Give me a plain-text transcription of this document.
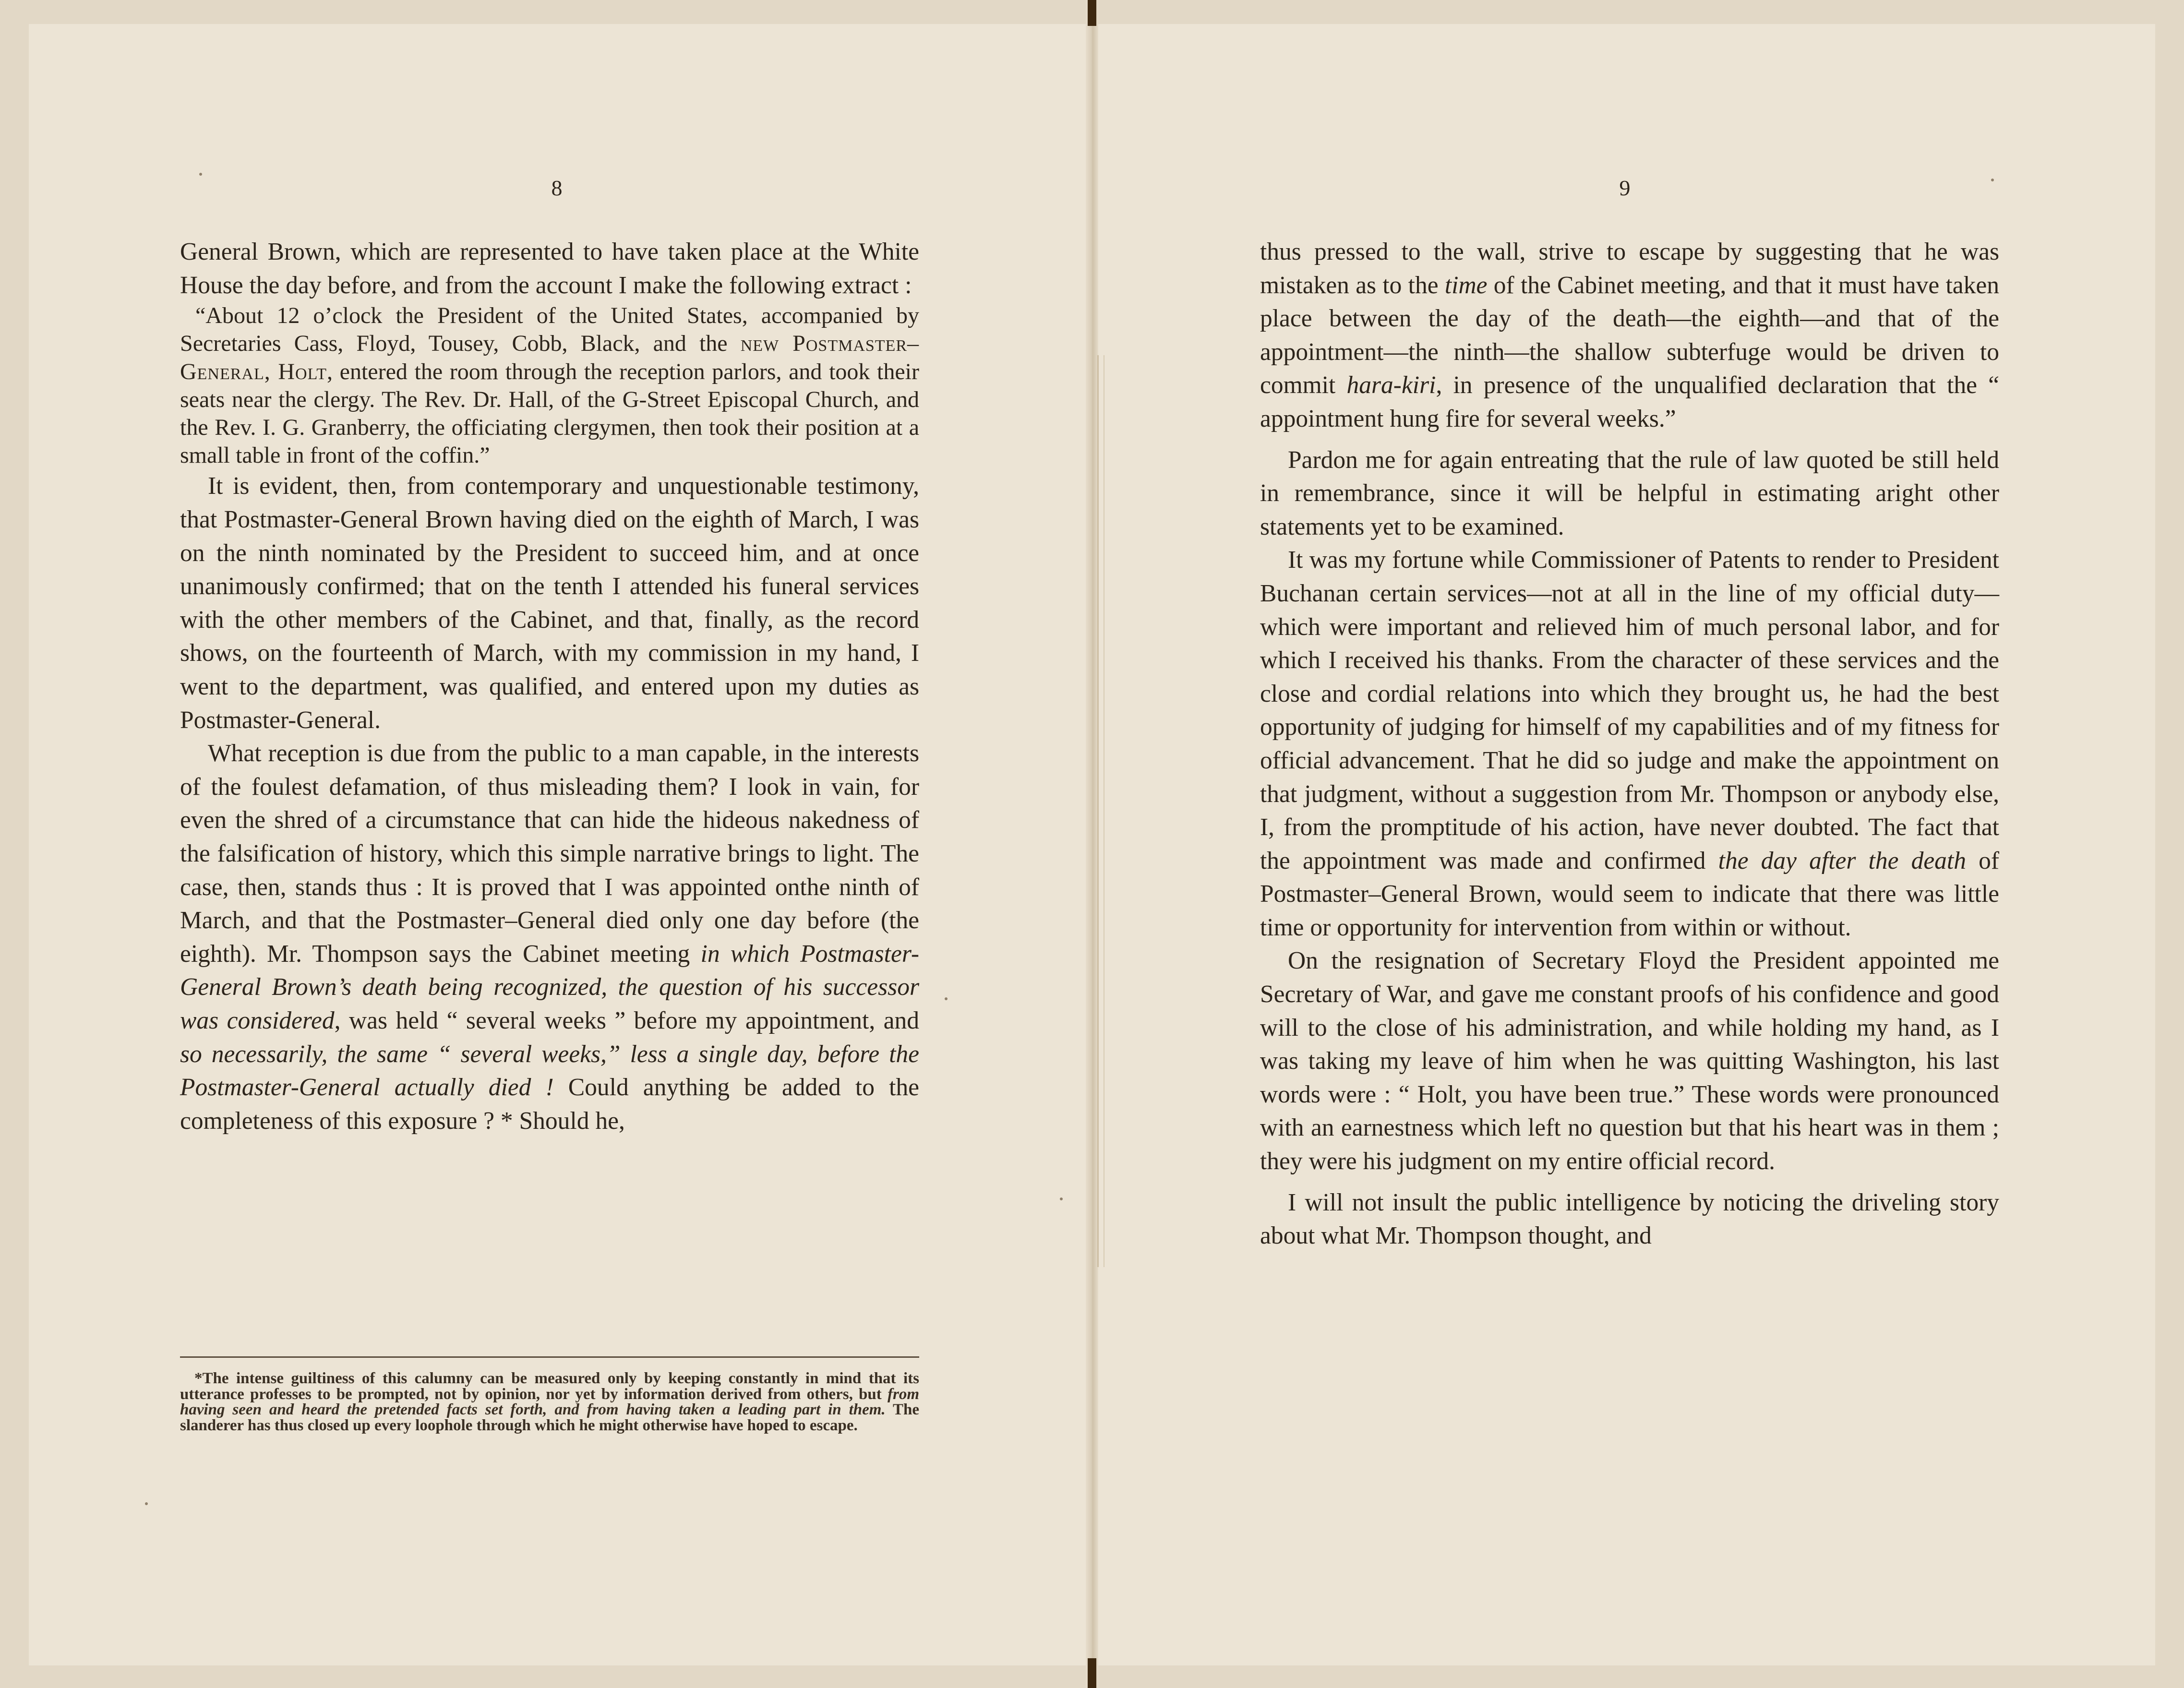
8

General Brown, which are represented to have taken place at the White House the day before, and from the account I make the following extract :

“About 12 o’clock the President of the United States, accompanied by Secretaries Cass, Floyd, Tousey, Cobb, Black, and the new Postmaster–General, Holt, entered the room through the reception parlors, and took their seats near the clergy. The Rev. Dr. Hall, of the G-Street Episcopal Church, and the Rev. I. G. Granberry, the officiating clergymen, then took their position at a small table in front of the coffin.”

It is evident, then, from contemporary and unquestionable testimony, that Postmaster-General Brown having died on the eighth of March, I was on the ninth nominated by the President to succeed him, and at once unanimously confirmed; that on the tenth I attended his funeral services with the other members of the Cabinet, and that, finally, as the record shows, on the fourteenth of March, with my commission in my hand, I went to the department, was qualified, and entered upon my duties as Postmaster-General.

What reception is due from the public to a man capable, in the interests of the foulest defamation, of thus misleading them? I look in vain, for even the shred of a circumstance that can hide the hideous nakedness of the falsification of history, which this simple narrative brings to light. The case, then, stands thus : It is proved that I was appointed onthe ninth of March, and that the Postmaster–General died only one day before (the eighth). Mr. Thompson says the Cabinet meeting in which Postmaster-General Brown’s death being recognized, the question of his successor was considered, was held “ several weeks ” before my appointment, and so necessarily, the same “ several weeks,” less a single day, before the Postmaster-General actually died ! Could anything be added to the completeness of this exposure ? * Should he,

*The intense guiltiness of this calumny can be measured only by keeping constantly in mind that its utterance professes to be prompted, not by opinion, nor yet by information derived from others, but from having seen and heard the pretended facts set forth, and from having taken a leading part in them. The slanderer has thus closed up every loophole through which he might otherwise have hoped to escape.

9

thus pressed to the wall, strive to escape by suggesting that he was mistaken as to the time of the Cabinet meeting, and that it must have taken place between the day of the death—the eighth—and that of the appointment—the ninth—the shallow subterfuge would be driven to commit hara-kiri, in presence of the unqualified declaration that the “ appointment hung fire for several weeks.”

Pardon me for again entreating that the rule of law quoted be still held in remembrance, since it will be helpful in estimating aright other statements yet to be examined.

It was my fortune while Commissioner of Patents to render to President Buchanan certain services—not at all in the line of my official duty—which were important and relieved him of much personal labor, and for which I received his thanks. From the character of these services and the close and cordial relations into which they brought us, he had the best opportunity of judging for himself of my capabilities and of my fitness for official advancement. That he did so judge and make the appointment on that judgment, without a suggestion from Mr. Thompson or anybody else, I, from the promptitude of his action, have never doubted. The fact that the appointment was made and confirmed the day after the death of Postmaster–General Brown, would seem to indicate that there was little time or opportunity for intervention from within or without.

On the resignation of Secretary Floyd the President appointed me Secretary of War, and gave me constant proofs of his confidence and good will to the close of his administration, and while holding my hand, as I was taking my leave of him when he was quitting Washington, his last words were : “ Holt, you have been true.” These words were pronounced with an earnestness which left no question but that his heart was in them ; they were his judgment on my entire official record.

I will not insult the public intelligence by noticing the driveling story about what Mr. Thompson thought, and
